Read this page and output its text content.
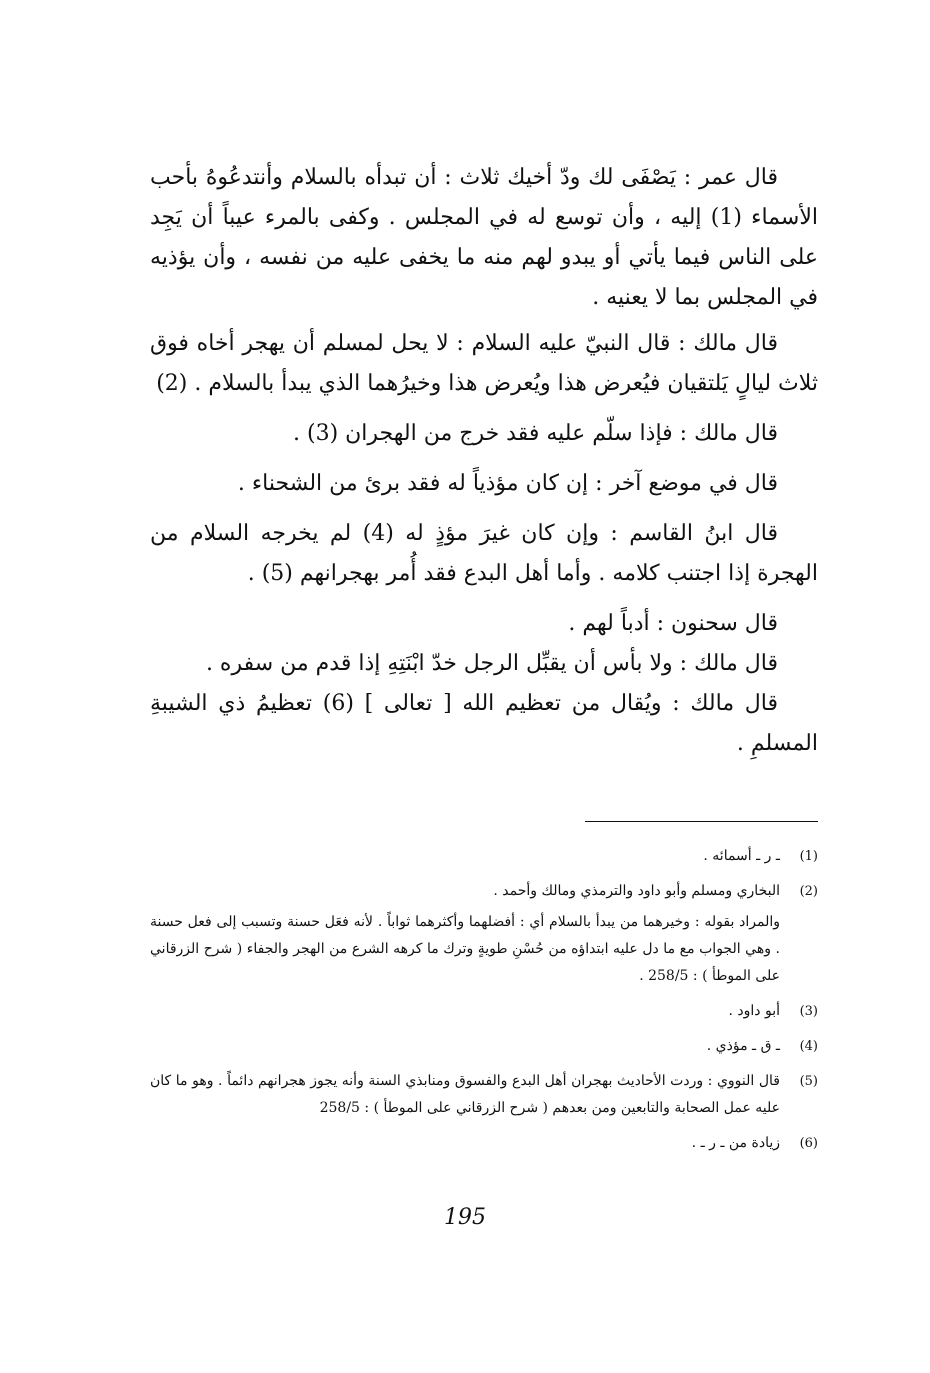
قال عمر : يَصْفَى لك ودّ أخيك ثلاث : أن تبدأه بالسلام وأنتدعُوهُ بأحب الأسماء (1) إليه ، وأن توسع له في المجلس . وكفى بالمرء عيباً أن يَجِد على الناس فيما يأتي أو يبدو لهم منه ما يخفى عليه من نفسه ، وأن يؤذيه في المجلس بما لا يعنيه .

قال مالك : قال النبيّ عليه السلام : لا يحل لمسلم أن يهجر أخاه فوق ثلاث ليالٍ يَلتقيان فيُعرض هذا ويُعرض هذا وخيرُهما الذي يبدأ بالسلام . (2)

قال مالك : فإذا سلّم عليه فقد خرج من الهجران (3) .

قال في موضع آخر : إن كان مؤذياً له فقد برئ من الشحناء .

قال ابنُ القاسم : وإن كان غيرَ مؤذٍ له (4) لم يخرجه السلام من الهجرة إذا اجتنب كلامه . وأما أهل البدع فقد أُمر بهجرانهم (5) .

قال سحنون : أدباً لهم .

قال مالك : ولا بأس أن يقبِّل الرجل خدّ ابْنَتِهِ إذا قدم من سفره .

قال مالك : ويُقال من تعظيم الله [ تعالى ] (6) تعظيمُ ذي الشيبةِ المسلمِ .

(1)
ـ ر ـ أسمائه .
(2)
البخاري ومسلم وأبو داود والترمذي ومالك وأحمد .
والمراد بقوله : وخيرهما من يبدأ بالسلام أي : أفضلهما وأكثرهما ثواباً . لأنه فعَل حسنة وتسبب إلى فعل حسنة . وهي الجواب مع ما دل عليه ابتداؤه من حُسْنِ طويةٍ وترك ما كرهه الشرع من الهجر والجفاء ( شرح الزرقاني على الموطأ ) : 258/5 .
(3)
أبو داود .
(4)
ـ ق ـ مؤذي .
(5)
قال النووي : وردت الأحاديث بهجران أهل البدع والفسوق ومنابذي السنة وأنه يجوز هجرانهم دائماً . وهو ما كان عليه عمل الصحابة والتابعين ومن بعدهم ( شرح الزرقاني على الموطأ ) : 258/5
(6)
زيادة من ـ ر ـ .
195
